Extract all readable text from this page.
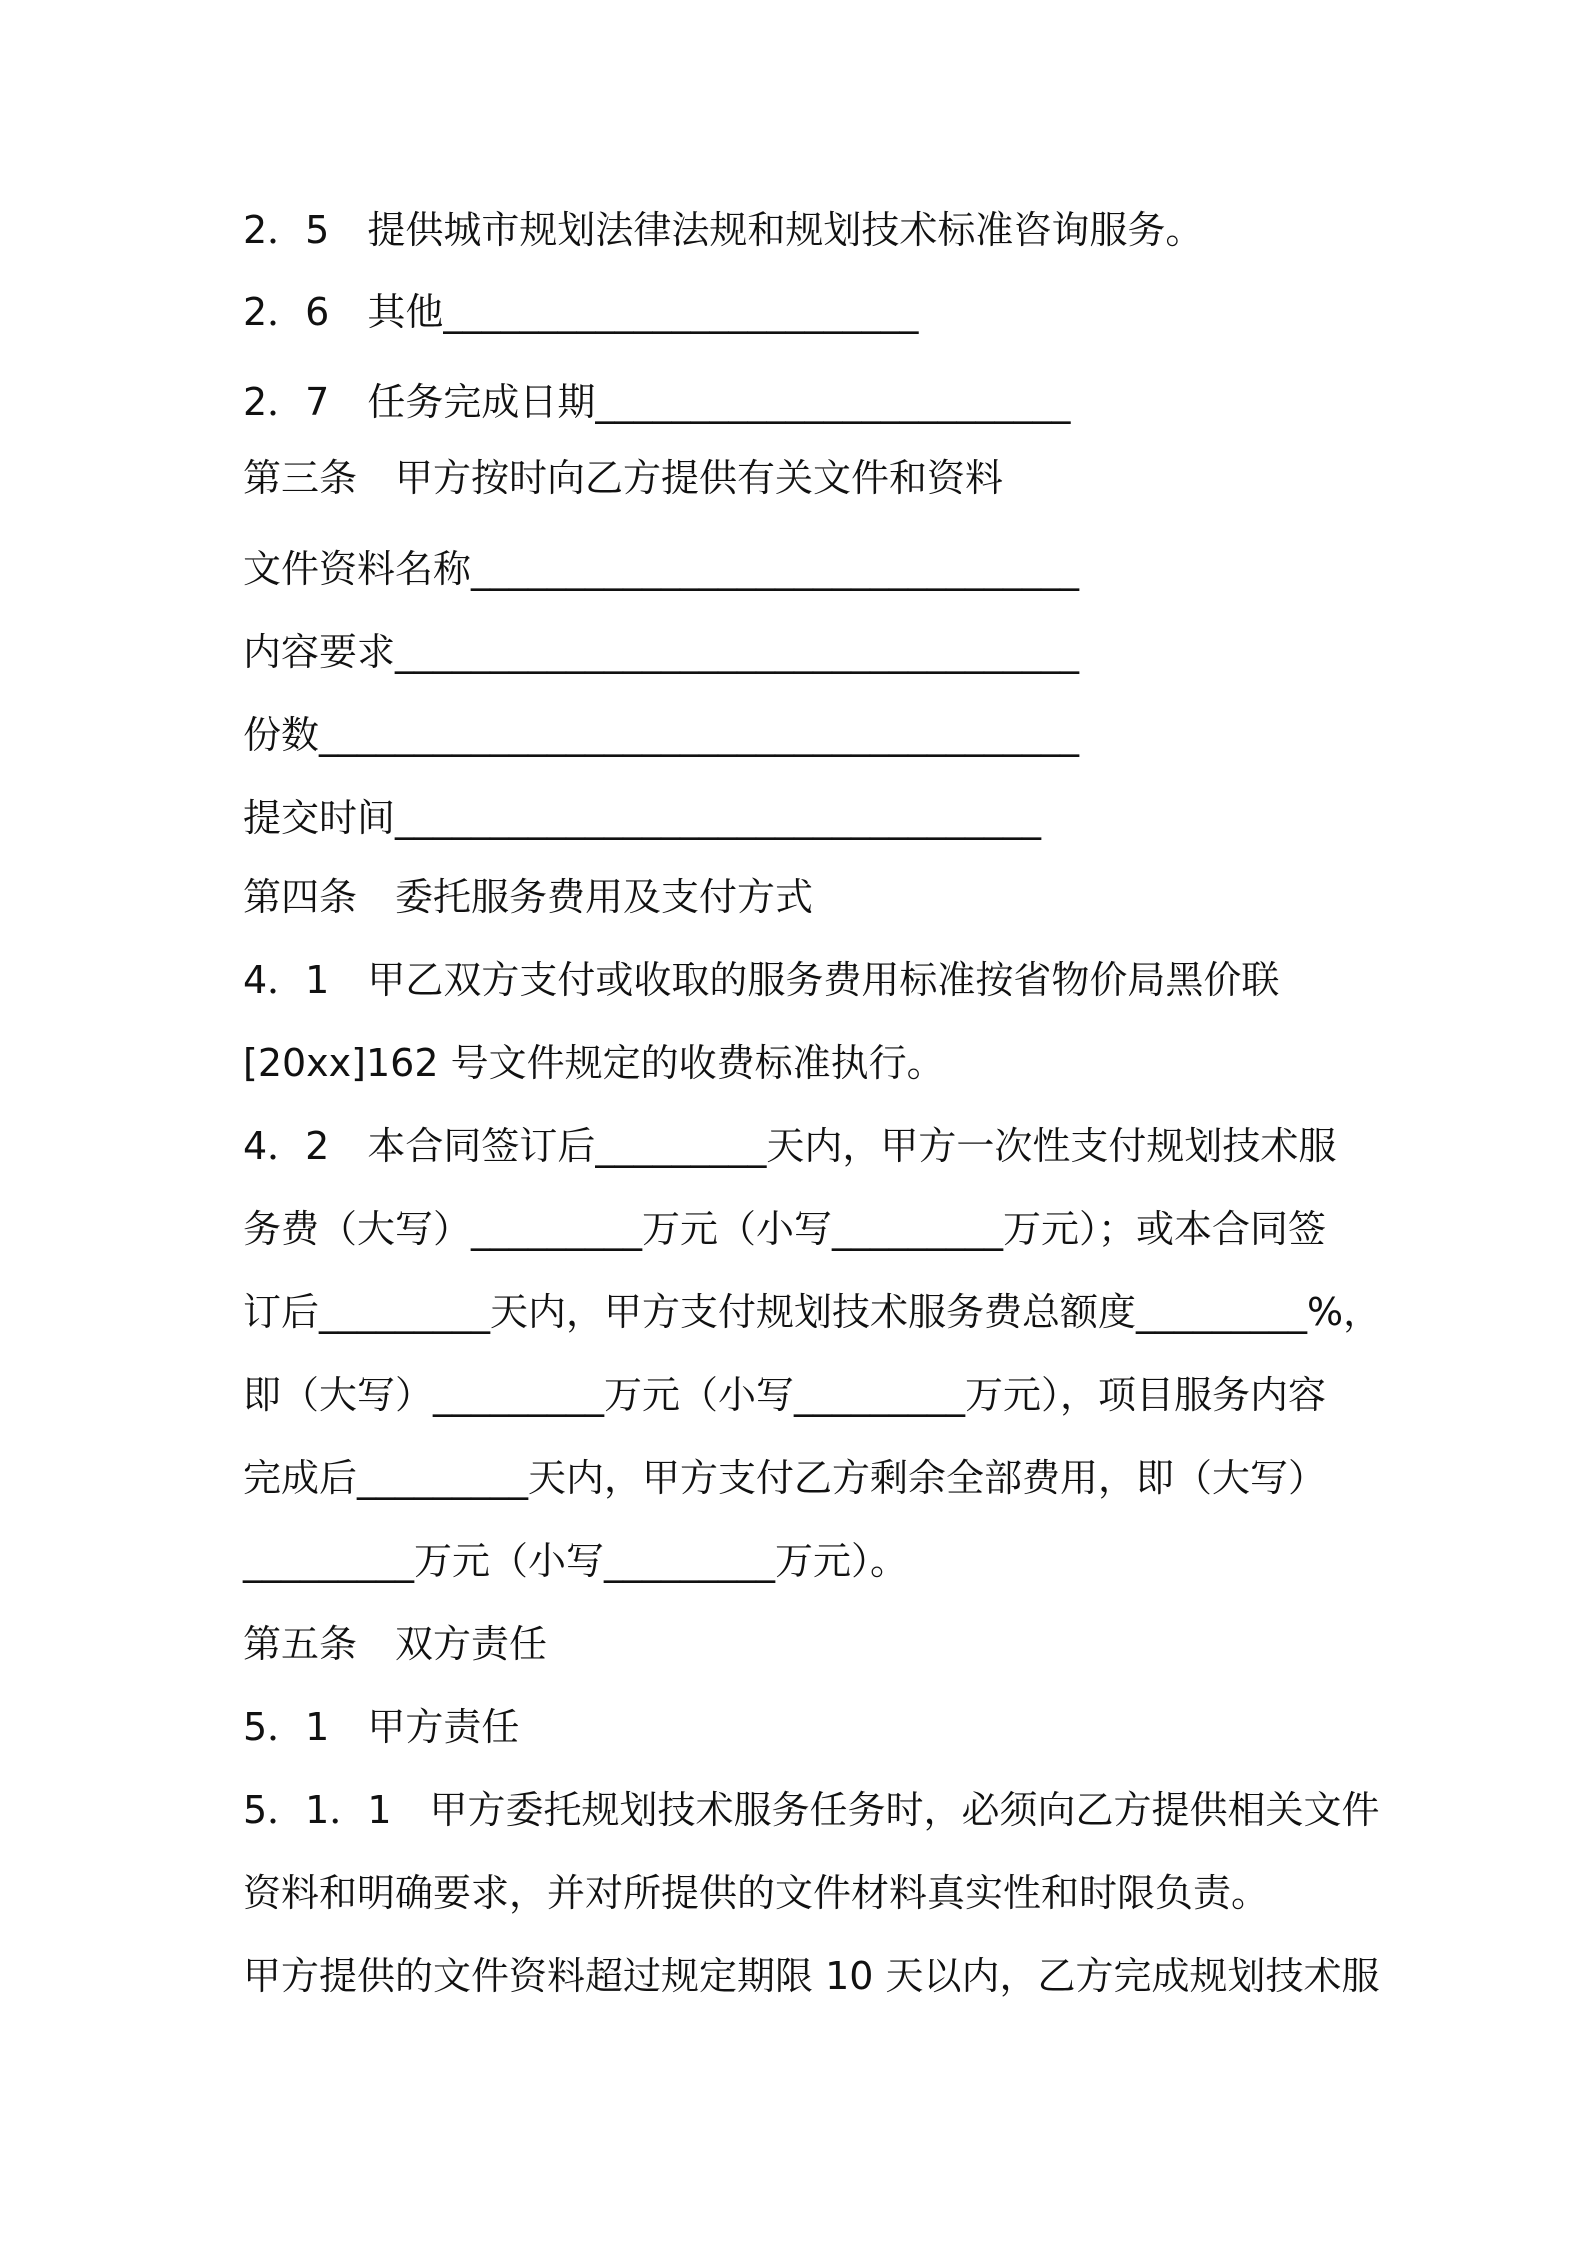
2．5　提供城市规划法律法规和规划技术标准咨询服务。
2．6　其他_________________________
2．7　任务完成日期_________________________
第三条　甲方按时向乙方提供有关文件和资料
文件资料名称________________________________
内容要求____________________________________
份数________________________________________
提交时间__________________________________
第四条　委托服务费用及支付方式
4．1　甲乙双方支付或收取的服务费用标准按省物价局黑价联
[20xx]162 号文件规定的收费标准执行。
4．2　本合同签订后_________天内，甲方一次性支付规划技术服
务费（大写）_________万元（小写_________万元）；或本合同签
订后_________天内，甲方支付规划技术服务费总额度_________%，
即（大写）_________万元（小写_________万元），项目服务内容
完成后_________天内，甲方支付乙方剩余全部费用，即（大写）
_________万元（小写_________万元）。
第五条　双方责任
5．1　甲方责任
5．1．1　甲方委托规划技术服务任务时，必须向乙方提供相关文件
资料和明确要求，并对所提供的文件材料真实性和时限负责。
甲方提供的文件资料超过规定期限 10 天以内，乙方完成规划技术服
